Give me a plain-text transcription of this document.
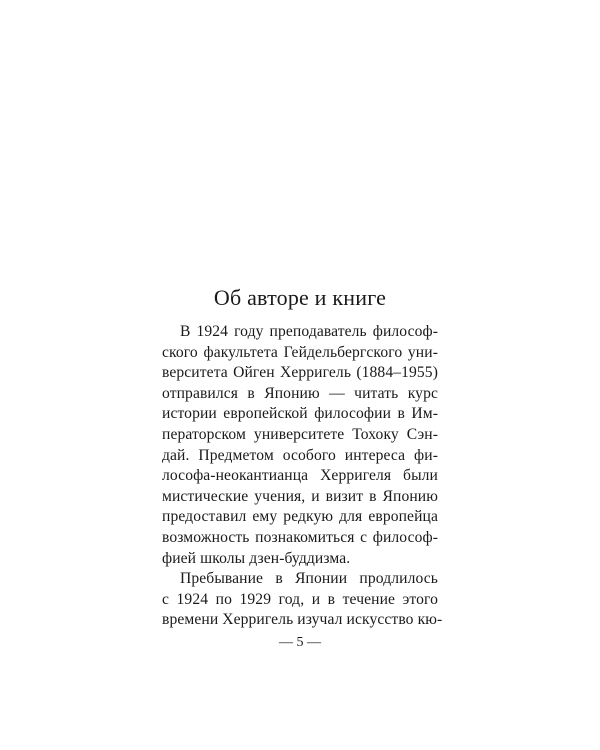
Об авторе и книге
В 1924 году преподаватель философ-
ского факультета Гейдельбергского уни-
верситета Ойген Херригель (1884–1955)
отправился в Японию — читать курс
истории европейской философии в Им-
ператорском университете Тохоку Сэн-
дай. Предметом особого интереса фи-
лософа-неокантианца Херригеля были
мистические учения, и визит в Японию
предоставил ему редкую для европейца
возможность познакомиться с философ-
фией школы дзен-буддизма.
Пребывание в Японии продлилось
с 1924 по 1929 год, и в течение этого
времени Херригель изучал искусство кю-
— 5 —
